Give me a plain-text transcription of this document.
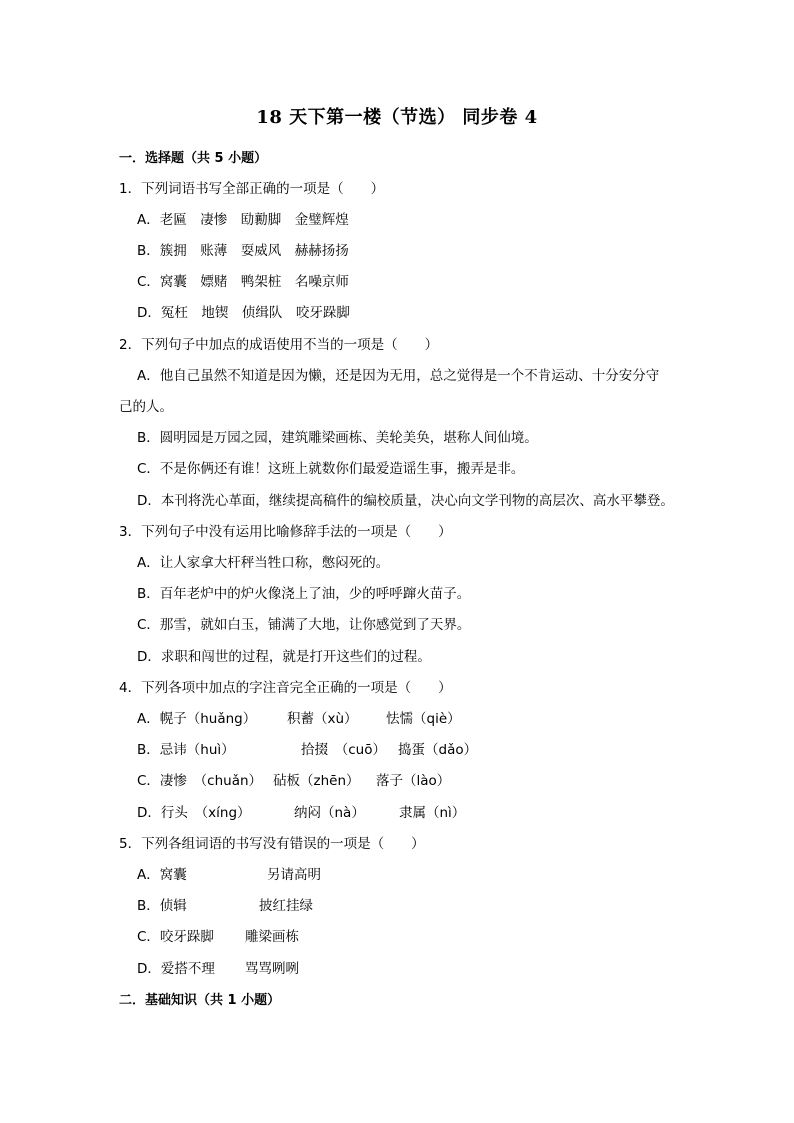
18 天下第一楼（节选） 同步卷 4
一．选择题（共 5 小题）
1．下列词语书写全部正确的一项是（　　）
A．老匾　凄惨　劻勷脚　金璧辉煌
B．簇拥　账薄　耍威风　赫赫扬扬
C．窝囊　嫖赌　鸭架桩　名噪京师
D．冤枉　地锲　侦缉队　咬牙跺脚
2．下列句子中加点的成语使用不当的一项是（　　）
A．他自己虽然不知道是因为懒，还是因为无用，总之觉得是一个不肯运动、十分安分守
己的人。
B．圆明园是万园之园，建筑雕梁画栋、美轮美奂，堪称人间仙境。
C．不是你俩还有谁！这班上就数你们最爱造谣生事，搬弄是非。
D．本刊将洗心革面，继续提高稿件的编校质量，决心向文学刊物的高层次、高水平攀登。
3．下列句子中没有运用比喻修辞手法的一项是（　　）
A．让人家拿大杆秤当牲口称，憋闷死的。
B．百年老炉中的炉火像浇上了油，少的呼呼蹿火苗子。
C．那雪，就如白玉，铺满了大地，让你感觉到了天界。
D．求职和闯世的过程，就是打开这些们的过程。
4．下列各项中加点的字注音完全正确的一项是（　　）
A．幌子（huǎng） 积蓄（xù） 怯懦（qiè）
B．忌讳（huì）	拾掇　（cuō） 捣蛋（dǎo）
C．凄惨　（chuǎn） 砧板（zhēn） 落子（lào）
D．行头　（xíng）	纳闷（nà）	隶属（nì）
5．下列各组词语的书写没有错误的一项是（　　）
A．窝囊	另请高明
B．侦辑	披红挂绿
C．咬牙跺脚 雕梁画栋
D．爱搭不理 骂骂咧咧
二．基础知识（共 1 小题）
